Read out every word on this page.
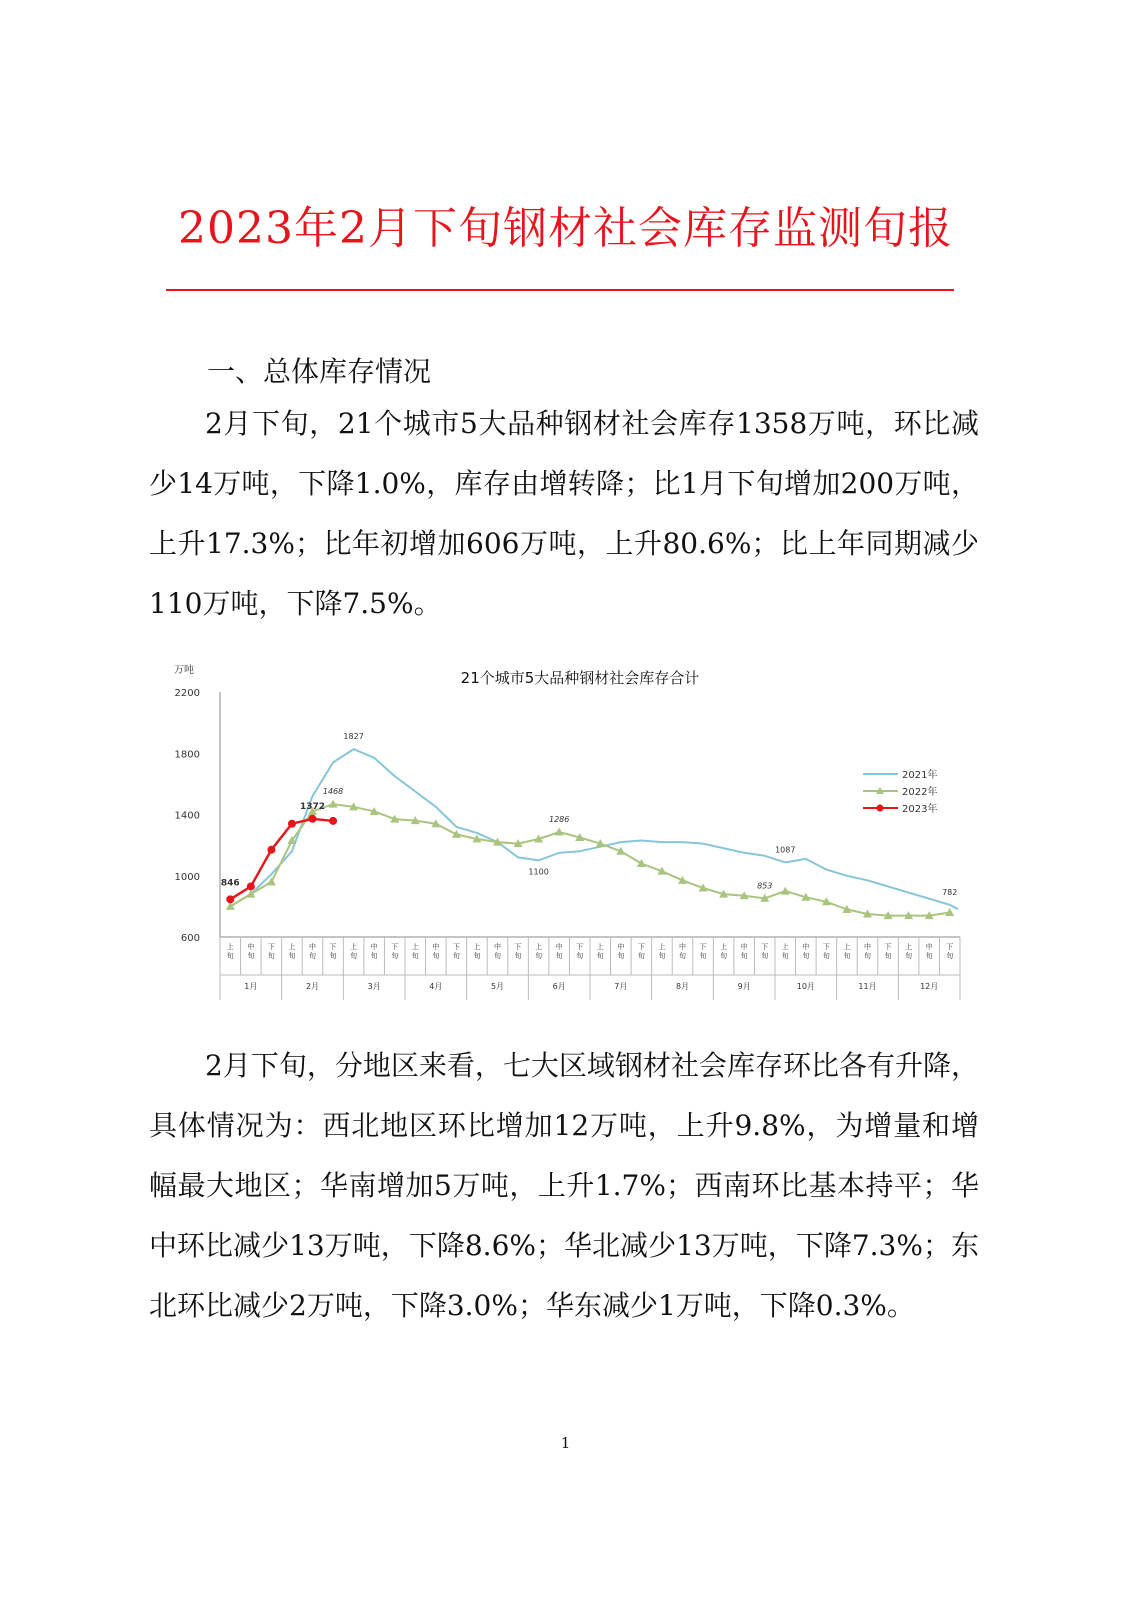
2023年2月下旬钢材社会库存监测旬报
一、总体库存情况

2月下旬，21个城市5大品种钢材社会库存1358万吨，环比减少14万吨，下降1.0%，库存由增转降；比1月下旬增加200万吨，上升17.3%；比年初增加606万吨，上升80.6%；比上年同期减少110万吨，下降7.5%。

21个城市5大品种钢材社会库存合计
万吨
600
1000
1400
1800
2200
上旬
中旬
下旬
上旬
中旬
下旬
上旬
中旬
下旬
上旬
中旬
下旬
上旬
中旬
下旬
上旬
中旬
下旬
上旬
中旬
下旬
上旬
中旬
下旬
上旬
中旬
下旬
上旬
中旬
下旬
上旬
中旬
下旬
上旬
中旬
下旬
1月	2月	3月	4月	5月	6月	7月	8月	9月	10月	11月	12月
1827
1100
1087
782
1468
1286
853
846
1372
2021年
2022年
2023年

2月下旬，分地区来看，七大区域钢材社会库存环比各有升降，具体情况为：西北地区环比增加12万吨，上升9.8%，为增量和增幅最大地区；华南增加5万吨，上升1.7%；西南环比基本持平；华中环比减少13万吨，下降8.6%；华北减少13万吨，下降7.3%；东北环比减少2万吨，下降3.0%；华东减少1万吨，下降0.3%。

1
